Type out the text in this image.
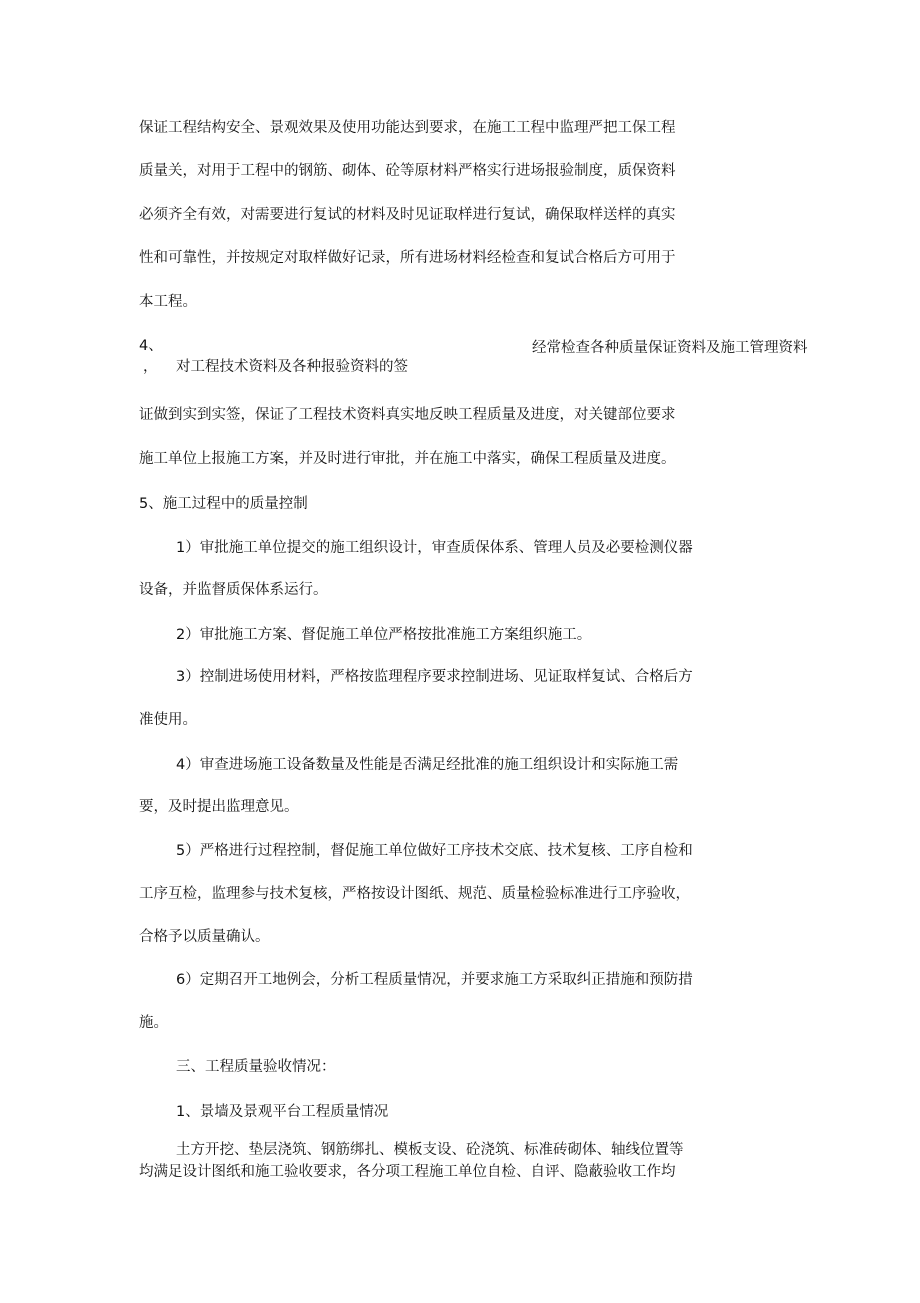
保证工程结构安全、景观效果及使用功能达到要求，在施工工程中监理严把工保工程
质量关，对用于工程中的钢筋、砌体、砼等原材料严格实行进场报验制度，质保资料
必须齐全有效，对需要进行复试的材料及时见证取样进行复试，确保取样送样的真实
性和可靠性，并按规定对取样做好记录，所有进场材料经检查和复试合格后方可用于
本工程。
4、	经常检查各种质量保证资料及施工管理资料
， 对工程技术资料及各种报验资料的签
证做到实到实签，保证了工程技术资料真实地反映工程质量及进度，对关键部位要求
施工单位上报施工方案，并及时进行审批，并在施工中落实，确保工程质量及进度。
5、施工过程中的质量控制
1）审批施工单位提交的施工组织设计，审查质保体系、管理人员及必要检测仪器
设备，并监督质保体系运行。
2）审批施工方案、督促施工单位严格按批准施工方案组织施工。
3）控制进场使用材料，严格按监理程序要求控制进场、见证取样复试、合格后方
准使用。
4）审查进场施工设备数量及性能是否满足经批准的施工组织设计和实际施工需
要，及时提出监理意见。
5）严格进行过程控制，督促施工单位做好工序技术交底、技术复核、工序自检和
工序互检，监理参与技术复核，严格按设计图纸、规范、质量检验标准进行工序验收，
合格予以质量确认。
6）定期召开工地例会，分析工程质量情况，并要求施工方采取纠正措施和预防措
施。
三、工程质量验收情况：
1、景墙及景观平台工程质量情况
土方开挖、垫层浇筑、钢筋绑扎、模板支设、砼浇筑、标准砖砌体、轴线位置等
均满足设计图纸和施工验收要求，各分项工程施工单位自检、自评、隐蔽验收工作均
